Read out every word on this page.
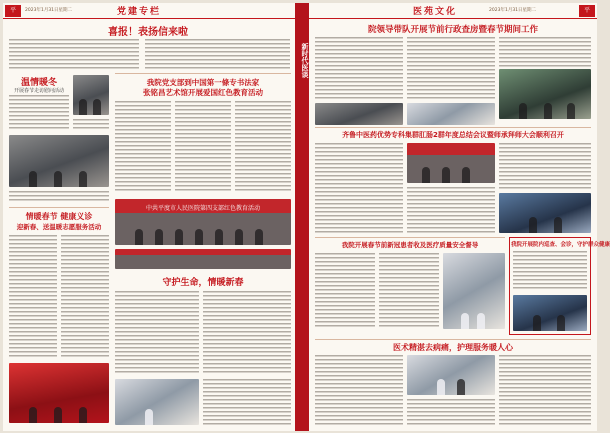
平	2023年1月31日星期二	党建专栏
喜报！表扬信来啦
温情暖冬
开展春节走访慰问活动
我院党支部到中国第一條专书法家
张铭昌艺术馆开展爱国红色教育活动
中共平度市人民医院第四支部红色教育活动
情暖春节 健康义诊
迎新春、送温暖志愿服务活动
守护生命，情暖新春
新时代医谈
医苑文化	2023年1月31日星期二	平
院领导带队开展节前行政查房暨春节期间工作
齐鲁中医药优势专科集群肛肠2群年度总结会议暨师承拜师大会顺利召开
我院开展春节前新冠患者收及医疗质量安全督导	我院开展院内巡查、会诊，守护群众健康
医术精湛去病痛，护理服务暖人心
